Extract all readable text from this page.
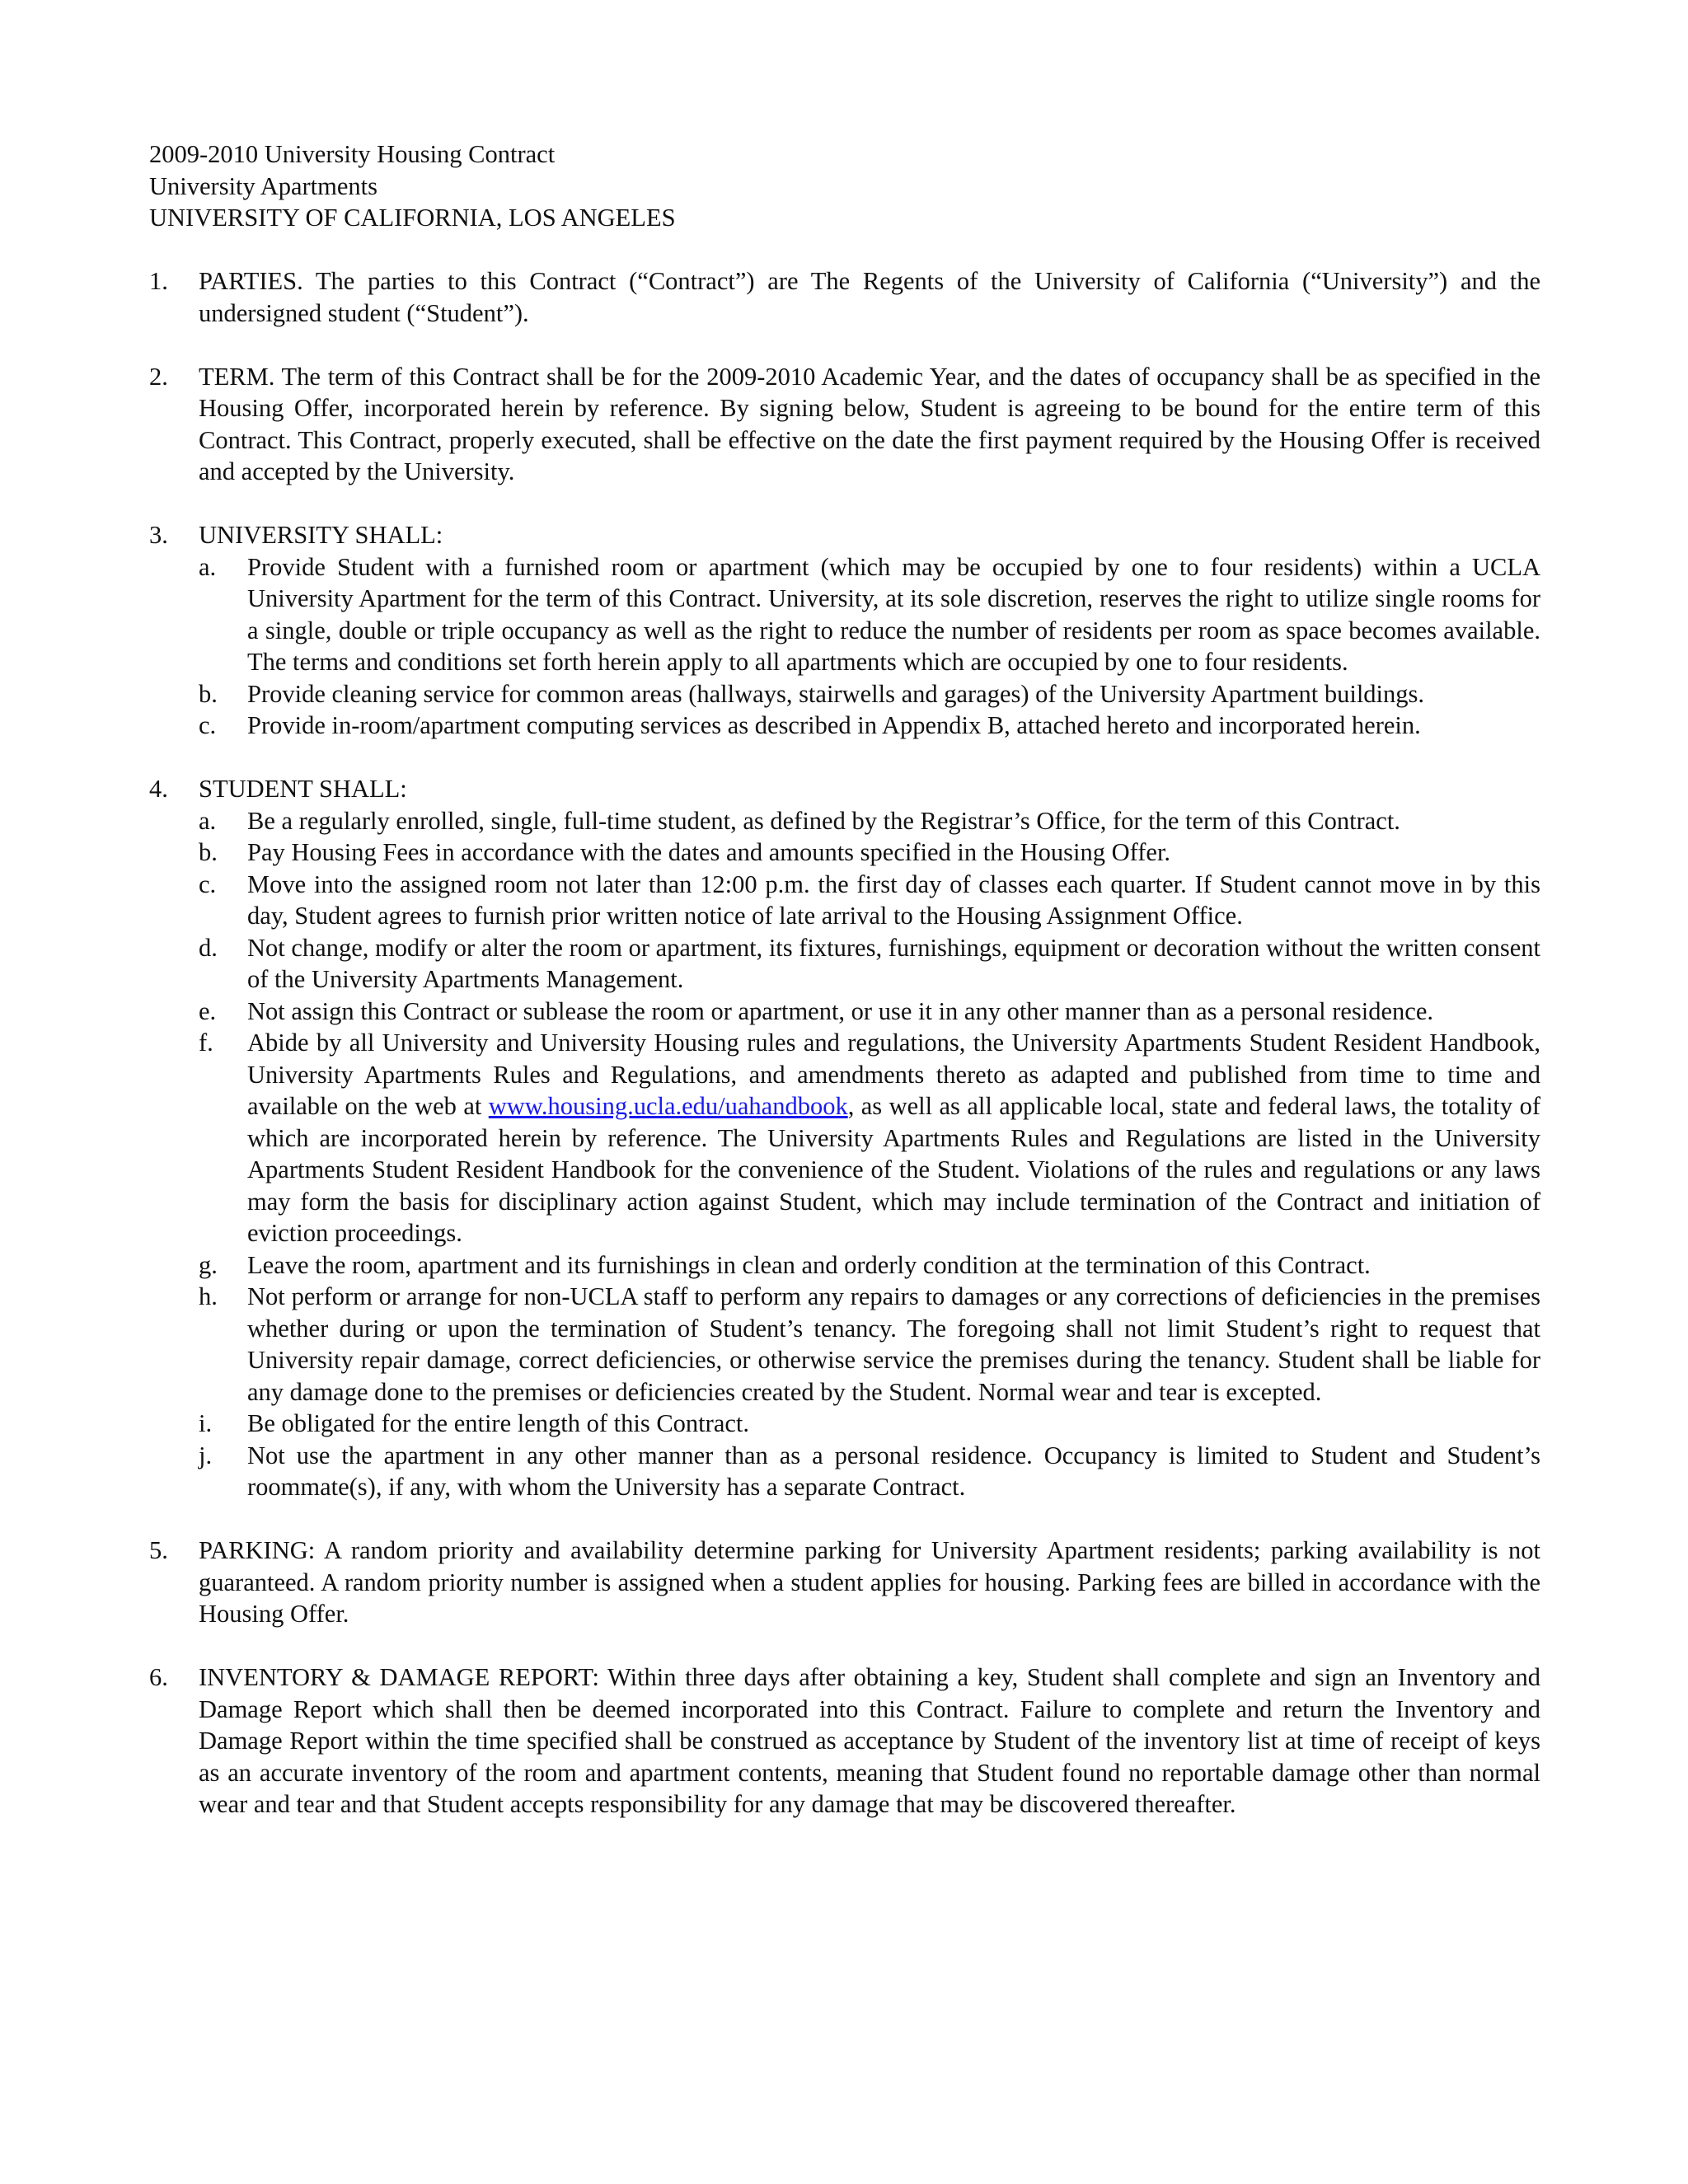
2009-2010 University Housing Contract
University Apartments
UNIVERSITY OF CALIFORNIA, LOS ANGELES
1. PARTIES. The parties to this Contract (“Contract”) are The Regents of the University of California (“University”) and the undersigned student (“Student”).
2. TERM. The term of this Contract shall be for the 2009-2010 Academic Year, and the dates of occupancy shall be as specified in the Housing Offer, incorporated herein by reference. By signing below, Student is agreeing to be bound for the entire term of this Contract. This Contract, properly executed, shall be effective on the date the first payment required by the Housing Offer is received and accepted by the University.
3. UNIVERSITY SHALL:
a. Provide Student with a furnished room or apartment (which may be occupied by one to four residents) within a UCLA University Apartment for the term of this Contract. University, at its sole discretion, reserves the right to utilize single rooms for a single, double or triple occupancy as well as the right to reduce the number of residents per room as space becomes available. The terms and conditions set forth herein apply to all apartments which are occupied by one to four residents.
b. Provide cleaning service for common areas (hallways, stairwells and garages) of the University Apartment buildings.
c. Provide in-room/apartment computing services as described in Appendix B, attached hereto and incorporated herein.
4. STUDENT SHALL:
a. Be a regularly enrolled, single, full-time student, as defined by the Registrar’s Office, for the term of this Contract.
b. Pay Housing Fees in accordance with the dates and amounts specified in the Housing Offer.
c. Move into the assigned room not later than 12:00 p.m. the first day of classes each quarter. If Student cannot move in by this day, Student agrees to furnish prior written notice of late arrival to the Housing Assignment Office.
d. Not change, modify or alter the room or apartment, its fixtures, furnishings, equipment or decoration without the written consent of the University Apartments Management.
e. Not assign this Contract or sublease the room or apartment, or use it in any other manner than as a personal residence.
f. Abide by all University and University Housing rules and regulations, the University Apartments Student Resident Handbook, University Apartments Rules and Regulations, and amendments thereto as adapted and published from time to time and available on the web at www.housing.ucla.edu/uahandbook, as well as all applicable local, state and federal laws, the totality of which are incorporated herein by reference. The University Apartments Rules and Regulations are listed in the University Apartments Student Resident Handbook for the convenience of the Student. Violations of the rules and regulations or any laws may form the basis for disciplinary action against Student, which may include termination of the Contract and initiation of eviction proceedings.
g. Leave the room, apartment and its furnishings in clean and orderly condition at the termination of this Contract.
h. Not perform or arrange for non-UCLA staff to perform any repairs to damages or any corrections of deficiencies in the premises whether during or upon the termination of Student’s tenancy. The foregoing shall not limit Student’s right to request that University repair damage, correct deficiencies, or otherwise service the premises during the tenancy. Student shall be liable for any damage done to the premises or deficiencies created by the Student. Normal wear and tear is excepted.
i. Be obligated for the entire length of this Contract.
j. Not use the apartment in any other manner than as a personal residence. Occupancy is limited to Student and Student’s roommate(s), if any, with whom the University has a separate Contract.
5. PARKING: A random priority and availability determine parking for University Apartment residents; parking availability is not guaranteed. A random priority number is assigned when a student applies for housing. Parking fees are billed in accordance with the Housing Offer.
6. INVENTORY & DAMAGE REPORT: Within three days after obtaining a key, Student shall complete and sign an Inventory and Damage Report which shall then be deemed incorporated into this Contract. Failure to complete and return the Inventory and Damage Report within the time specified shall be construed as acceptance by Student of the inventory list at time of receipt of keys as an accurate inventory of the room and apartment contents, meaning that Student found no reportable damage other than normal wear and tear and that Student accepts responsibility for any damage that may be discovered thereafter.
